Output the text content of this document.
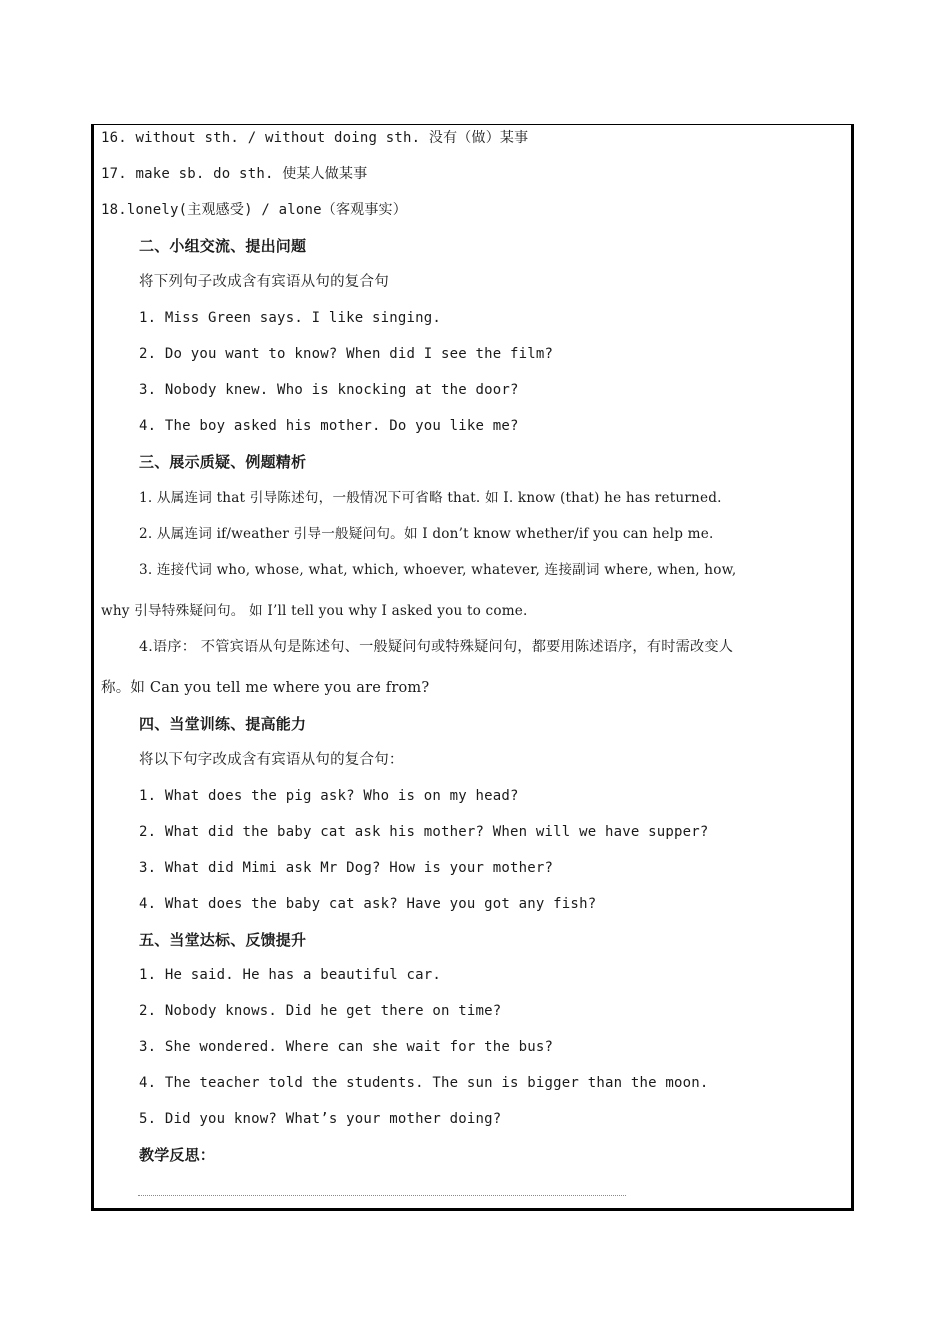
16. without sth. / without doing sth. 没有（做）某事
17. make sb. do sth. 使某人做某事
18.lonely(主观感受) / alone（客观事实）
二、小组交流、提出问题
将下列句子改成含有宾语从句的复合句
1. Miss Green says. I like singing.
2. Do you want to know? When did I see the film?
3. Nobody knew. Who is knocking at the door?
4. The boy asked his mother. Do you like me?
三、展示质疑、例题精析
1. 从属连词 that 引导陈述句，一般情况下可省略 that. 如 I. know (that) he has returned.
2. 从属连词 if/weather 引导一般疑问句。如 I don’t know whether/if you can help me.
3. 连接代词 who, whose, what, which, whoever, whatever, 连接副词 where, when, how,
why 引导特殊疑问句。 如 I’ll tell you why I asked you to come.
4.语序： 不管宾语从句是陈述句、一般疑问句或特殊疑问句，都要用陈述语序，有时需改变人
称。如 Can you tell me where you are from?
四、当堂训练、提高能力
将以下句字改成含有宾语从句的复合句：
1. What does the pig ask? Who is on my head?
2. What did the baby cat ask his mother? When will we have supper?
3. What did Mimi ask Mr Dog? How is your mother?
4. What does the baby cat ask? Have you got any fish?
五、当堂达标、反馈提升
1. He said. He has a beautiful car.
2. Nobody knows. Did he get there on time?
3. She wondered. Where can she wait for the bus?
4. The teacher told the students. The sun is bigger than the moon.
5. Did you know? What’s your mother doing?
教学反思：
